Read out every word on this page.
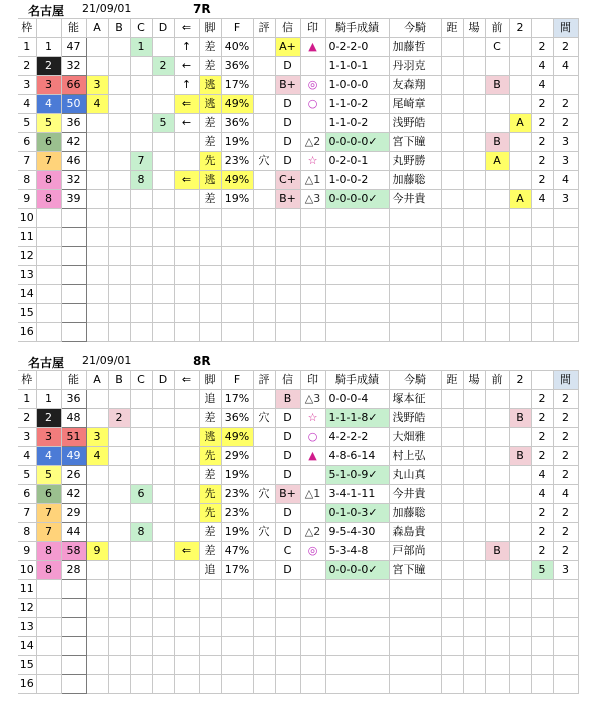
名古屋 21/09/01	7R
枠		能	A	B	C	D	⇐	脚	F	評	信	印	騎手成績	今騎	距	場	前	2		間
1	1	47			1		↑	差	40%		A+	▲	0-2-2-0	加藤哲			C		2	2
2	2	32				2	←	差	36%		D		1-1-0-1	丹羽克					4	4
3	3	66	3				↑	逃	17%		B+	◎	1-0-0-0	友森翔			B		4	
4	4	50	4				⇐	逃	49%		D	○	1-1-0-2	尾崎章					2	2
5	5	36				5	←	差	36%		D		1-1-0-2	浅野皓				A	2	2
6	6	42						差	19%		D	△2	0-0-0-0✓	宮下瞳			B		2	3
7	7	46			7			先	23%	穴	D	☆	0-2-0-1	丸野勝			A		2	3
8	8	32			8		⇐	逃	49%		C+	△1	1-0-0-2	加藤聡					2	4
9	8	39						差	19%		B+	△3	0-0-0-0✓	今井貴				A	4	3
10																				
11																				
12																				
13																				
14																				
15																				
16																				
名古屋 21/09/01	8R
枠		能	A	B	C	D	⇐	脚	F	評	信	印	騎手成績	今騎	距	場	前	2		間
1	1	36						追	17%		B	△3	0-0-0-4	塚本征					2	2
2	2	48		2				差	36%	穴	D	☆	1-1-1-8✓	浅野皓				B	2	2
3	3	51	3					逃	49%		D	○	4-2-2-2	大畑雅					2	2
4	4	49	4					先	29%		D	▲	4-8-6-14	村上弘				B	2	2
5	5	26						差	19%		D		5-1-0-9✓	丸山真					4	2
6	6	42			6			先	23%	穴	B+	△1	3-4-1-11	今井貴					4	4
7	7	29						先	23%		D		0-1-0-3✓	加藤聡					2	2
8	7	44			8			差	19%	穴	D	△2	9-5-4-30	森島貴					2	2
9	8	58	9				⇐	差	47%		C	◎	5-3-4-8	戸部尚			B		2	2
10	8	28						追	17%		D		0-0-0-0✓	宮下瞳					5	3
11																				
12																				
13																				
14																				
15																				
16																				
